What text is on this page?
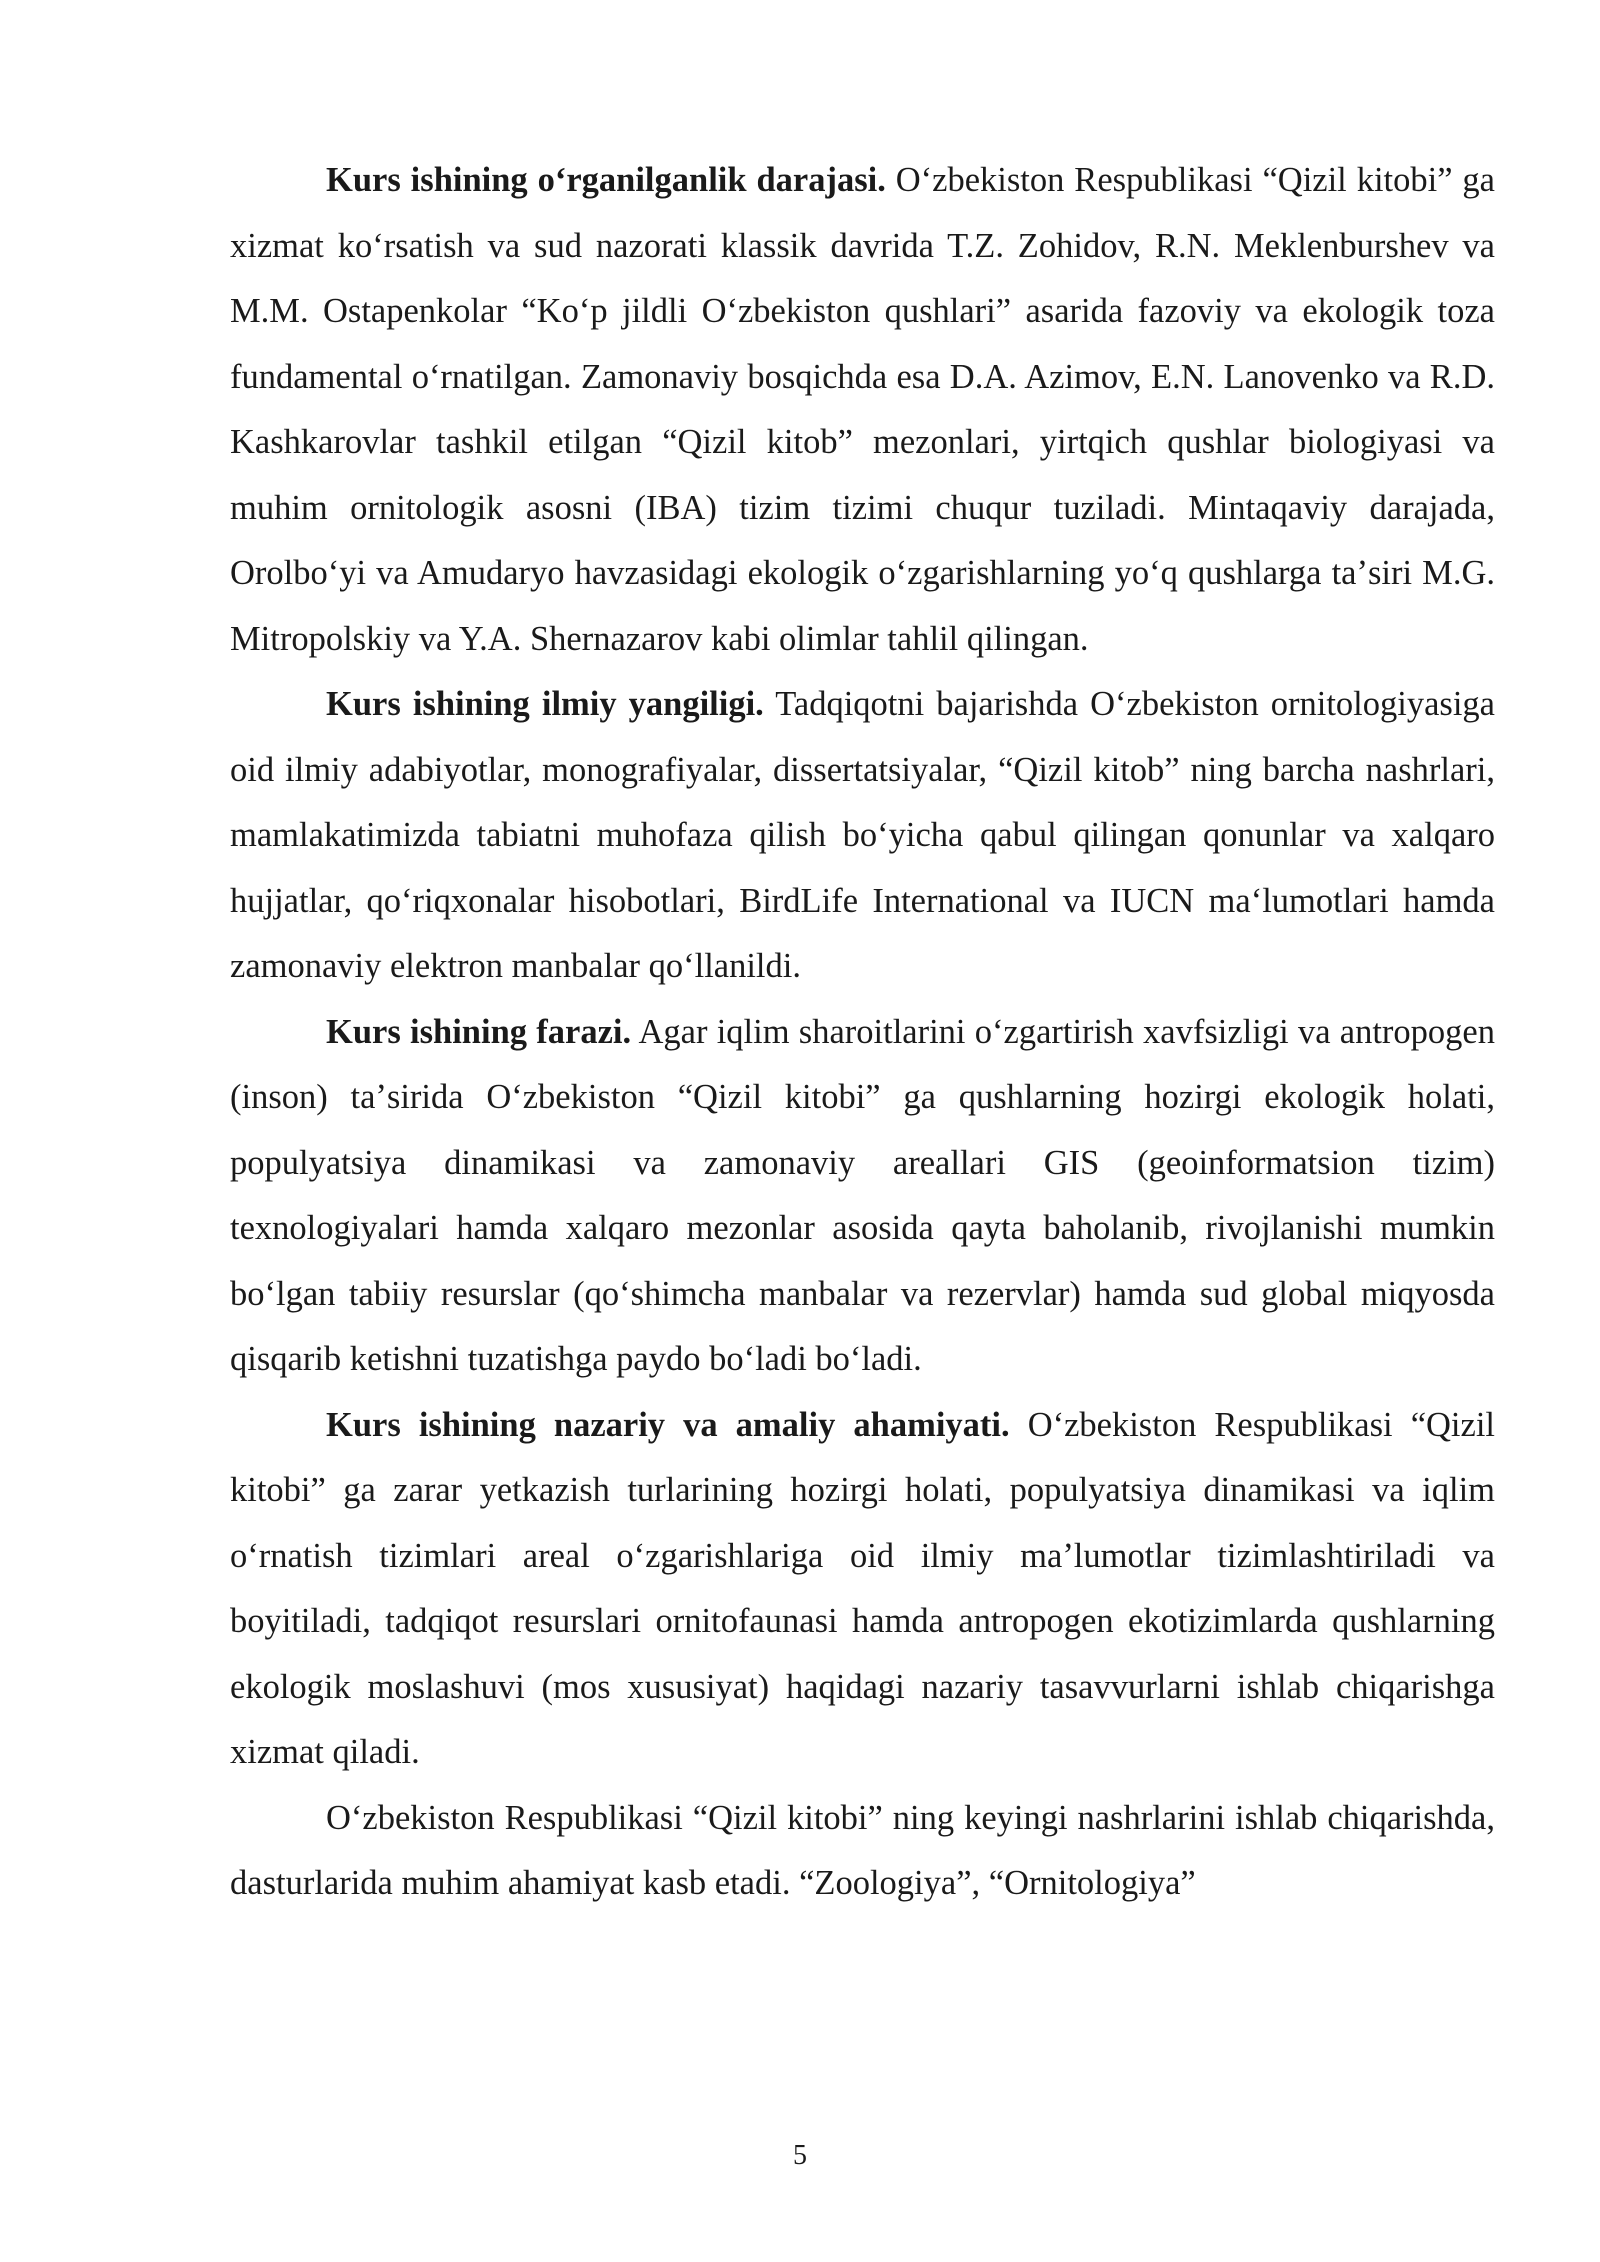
Kurs ishining oʻrganilganlik darajasi. Oʻzbekiston Respublikasi “Qizil kitobi” ga xizmat koʻrsatish va sud nazorati klassik davrida T.Z. Zohidov, R.N. Meklenburshev va M.M. Ostapenkolar “Koʻp jildli Oʻzbekiston qushlari” asarida fazoviy va ekologik toza fundamental oʻrnatilgan. Zamonaviy bosqichda esa D.A. Azimov, E.N. Lanovenko va R.D. Kashkarovlar tashkil etilgan “Qizil kitob” mezonlari, yirtqich qushlar biologiyasi va muhim ornitologik asosni (IBA) tizim tizimi chuqur tuziladi. Mintaqaviy darajada, Orolboʻyi va Amudaryo havzasidagi ekologik oʻzgarishlarning yoʻq qushlarga taʼsiri M.G. Mitropolskiy va Y.A. Shernazarov kabi olimlar tahlil qilingan.

Kurs ishining ilmiy yangiligi. Tadqiqotni bajarishda Oʻzbekiston ornitologiyasiga oid ilmiy adabiyotlar, monografiyalar, dissertatsiyalar, “Qizil kitob” ning barcha nashrlari, mamlakatimizda tabiatni muhofaza qilish boʻyicha qabul qilingan qonunlar va xalqaro hujjatlar, qoʻriqxonalar hisobotlari, BirdLife International va IUCN maʻlumotlari hamda zamonaviy elektron manbalar qoʻllanildi.

Kurs ishining farazi. Agar iqlim sharoitlarini oʻzgartirish xavfsizligi va antropogen (inson) taʼsirida Oʻzbekiston “Qizil kitobi” ga qushlarning hozirgi ekologik holati, populyatsiya dinamikasi va zamonaviy areallari GIS (geoinformatsion tizim) texnologiyalari hamda xalqaro mezonlar asosida qayta baholanib, rivojlanishi mumkin boʻlgan tabiiy resurslar (qoʻshimcha manbalar va rezervlar) hamda sud global miqyosda qisqarib ketishni tuzatishga paydo boʻladi boʻladi.

Kurs ishining nazariy va amaliy ahamiyati. Oʻzbekiston Respublikasi “Qizil kitobi” ga zarar yetkazish turlarining hozirgi holati, populyatsiya dinamikasi va iqlim oʻrnatish tizimlari areal oʻzgarishlariga oid ilmiy maʼlumotlar tizimlashtiriladi va boyitiladi, tadqiqot resurslari ornitofaunasi hamda antropogen ekotizimlarda qushlarning ekologik moslashuvi (mos xususiyat) haqidagi nazariy tasavvurlarni ishlab chiqarishga xizmat qiladi.

Oʻzbekiston Respublikasi “Qizil kitobi” ning keyingi nashrlarini ishlab chiqarishda, dasturlarida muhim ahamiyat kasb etadi. “Zoologiya”, “Ornitologiya”

5
